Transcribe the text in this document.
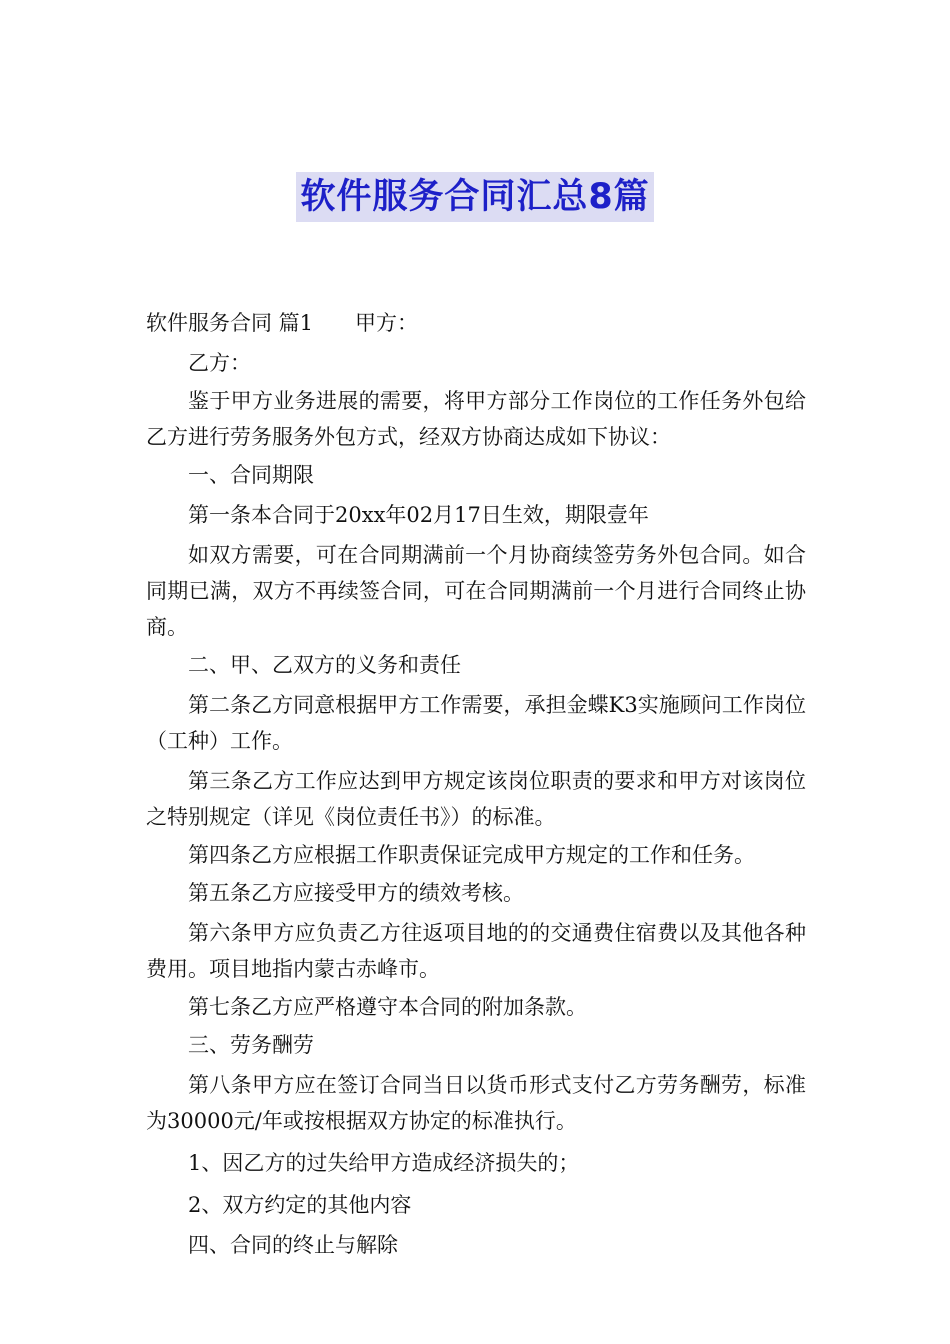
软件服务合同汇总8篇

软件服务合同 篇1 甲方：

乙方：

鉴于甲方业务进展的需要，将甲方部分工作岗位的工作任务外包给乙方进行劳务服务外包方式，经双方协商达成如下协议：

一、合同期限

第一条本合同于20xx年02月17日生效，期限壹年

如双方需要，可在合同期满前一个月协商续签劳务外包合同。如合同期已满，双方不再续签合同，可在合同期满前一个月进行合同终止协商。

二、甲、乙双方的义务和责任

第二条乙方同意根据甲方工作需要，承担金蝶K3实施顾问工作岗位（工种）工作。

第三条乙方工作应达到甲方规定该岗位职责的要求和甲方对该岗位之特别规定（详见《岗位责任书》）的标准。

第四条乙方应根据工作职责保证完成甲方规定的工作和任务。

第五条乙方应接受甲方的绩效考核。

第六条甲方应负责乙方往返项目地的的交通费住宿费以及其他各种费用。项目地指内蒙古赤峰市。

第七条乙方应严格遵守本合同的附加条款。

三、劳务酬劳

第八条甲方应在签订合同当日以货币形式支付乙方劳务酬劳，标准为30000元/年或按根据双方协定的标准执行。

1、因乙方的过失给甲方造成经济损失的；

2、双方约定的其他内容

四、合同的终止与解除
